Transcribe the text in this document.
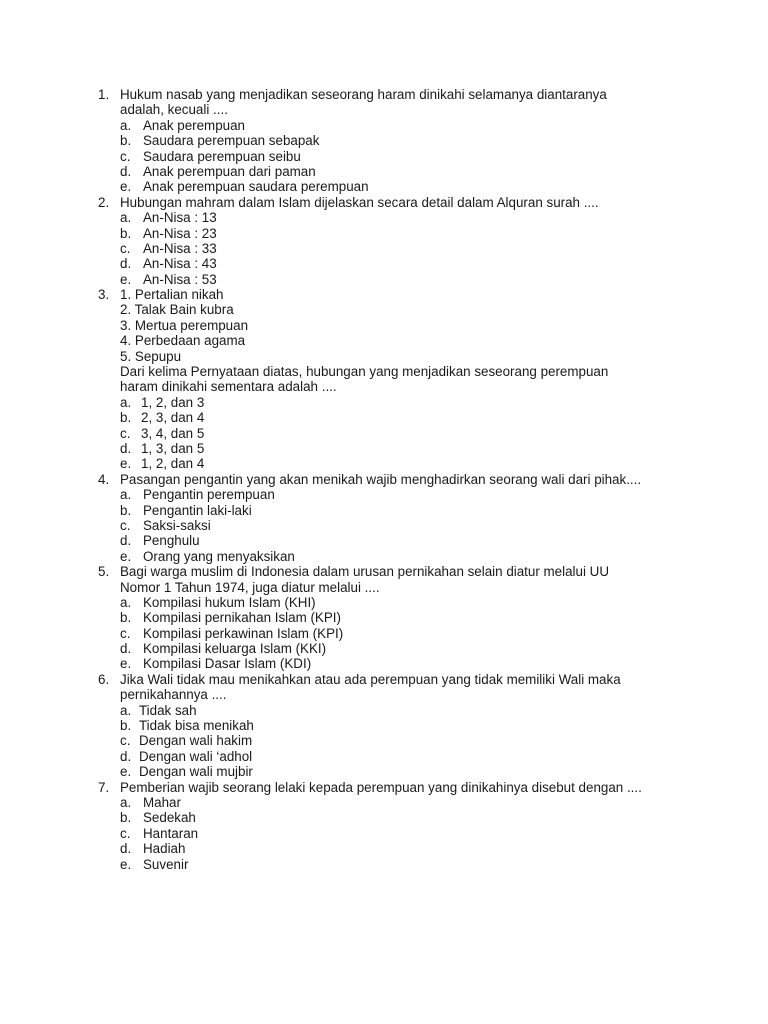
1. Hukum nasab yang menjadikan seseorang haram dinikahi selamanya diantaranya
adalah, kecuali ....
a. Anak perempuan
b. Saudara perempuan sebapak
c. Saudara perempuan seibu
d. Anak perempuan dari paman
e. Anak perempuan saudara perempuan
2. Hubungan mahram dalam Islam dijelaskan secara detail dalam Alquran surah ....
a. An-Nisa : 13
b. An-Nisa : 23
c. An-Nisa : 33
d. An-Nisa : 43
e. An-Nisa : 53
3. 1. Pertalian nikah
2. Talak Bain kubra
3. Mertua perempuan
4. Perbedaan agama
5. Sepupu
Dari kelima Pernyataan diatas, hubungan yang menjadikan seseorang perempuan
haram dinikahi sementara adalah ....
a. 1, 2, dan 3
b. 2, 3, dan 4
c. 3, 4, dan 5
d. 1, 3, dan 5
e. 1, 2, dan 4
4. Pasangan pengantin yang akan menikah wajib menghadirkan seorang wali dari pihak....
a. Pengantin perempuan
b. Pengantin laki-laki
c. Saksi-saksi
d. Penghulu
e. Orang yang menyaksikan
5. Bagi warga muslim di Indonesia dalam urusan pernikahan selain diatur melalui UU
Nomor 1 Tahun 1974, juga diatur melalui ....
a. Kompilasi hukum Islam (KHI)
b. Kompilasi pernikahan Islam (KPI)
c. Kompilasi perkawinan Islam (KPI)
d. Kompilasi keluarga Islam (KKI)
e. Kompilasi Dasar Islam (KDI)
6. Jika Wali tidak mau menikahkan atau ada perempuan yang tidak memiliki Wali maka
pernikahannya ....
a. Tidak sah
b. Tidak bisa menikah
c. Dengan wali hakim
d. Dengan wali ‘adhol
e. Dengan wali mujbir
7. Pemberian wajib seorang lelaki kepada perempuan yang dinikahinya disebut dengan ....
a. Mahar
b. Sedekah
c. Hantaran
d. Hadiah
e. Suvenir
